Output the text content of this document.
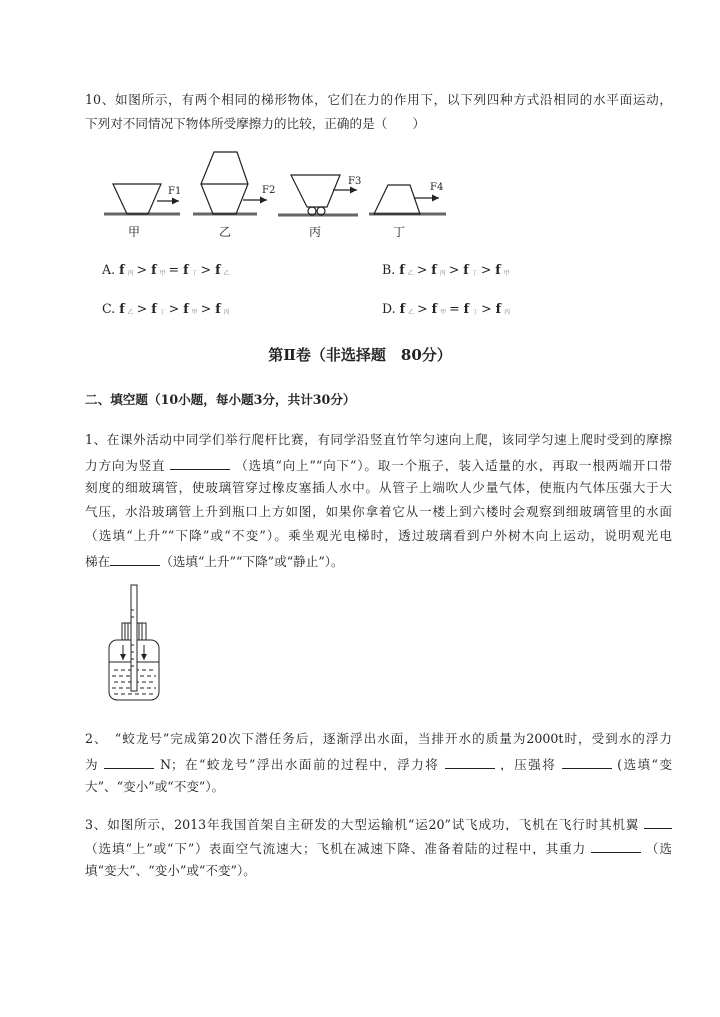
10、如图所示，有两个相同的梯形物体，它们在力的作用下，以下列四种方式沿相同的水平面运动，
下列对不同情况下物体所受摩擦力的比较，正确的是（　　）
F1
甲
F2
乙
F3
丙
F4
丁
A. f $_丙$ > f $_甲$ = f $_丁$ > f $_乙$	B. f $_乙$ > f $_丙$ > f $_丁$ > f $_甲$
C. f $_乙$ > f $_丁$ > f $_甲$ > f $_丙$	D. f $_乙$ > f $_甲$ = f $_丁$ > f $_丙$
第Ⅱ卷（非选择题　80分）
二、填空题（10小题，每小题3分，共计30分）
1、在课外活动中同学们举行爬杆比赛，有同学沿竖直竹竿匀速向上爬，该同学匀速上爬时受到的摩擦
力方向为竖直	（选填“向上”“向下”）。取一个瓶子，装入适量的水，再取一根两端开口带
刻度的细玻璃管，使玻璃管穿过橡皮塞插人水中。从管子上端吹人少量气体，使瓶内气体压强大于大
气压，水沿玻璃管上升到瓶口上方如图，如果你拿着它从一楼上到六楼时会观察到细玻璃管里的水面
（选填“上升”“下降”或“不变”）。乘坐观光电梯时，透过玻璃看到户外树木向上运动，说明观光电
梯在	（选填“上升”“下降”或“静止”）。
2、　“蛟龙号”完成第20次下潜任务后，逐渐浮出水面，当排开水的质量为2000t时，受到水的浮力
为	N；在“蛟龙号”浮出水面前的过程中，浮力将	，压强将	(选填“变
大”、“变小”或“不变”）。
3、如图所示，2013年我国首架自主研发的大型运输机“运20”试飞成功，飞机在飞行时其机翼
（选填“上”或“下”）表面空气流速大；飞机在减速下降、准备着陆的过程中，其重力	（选
填“变大”、“变小”或“不变”）。
